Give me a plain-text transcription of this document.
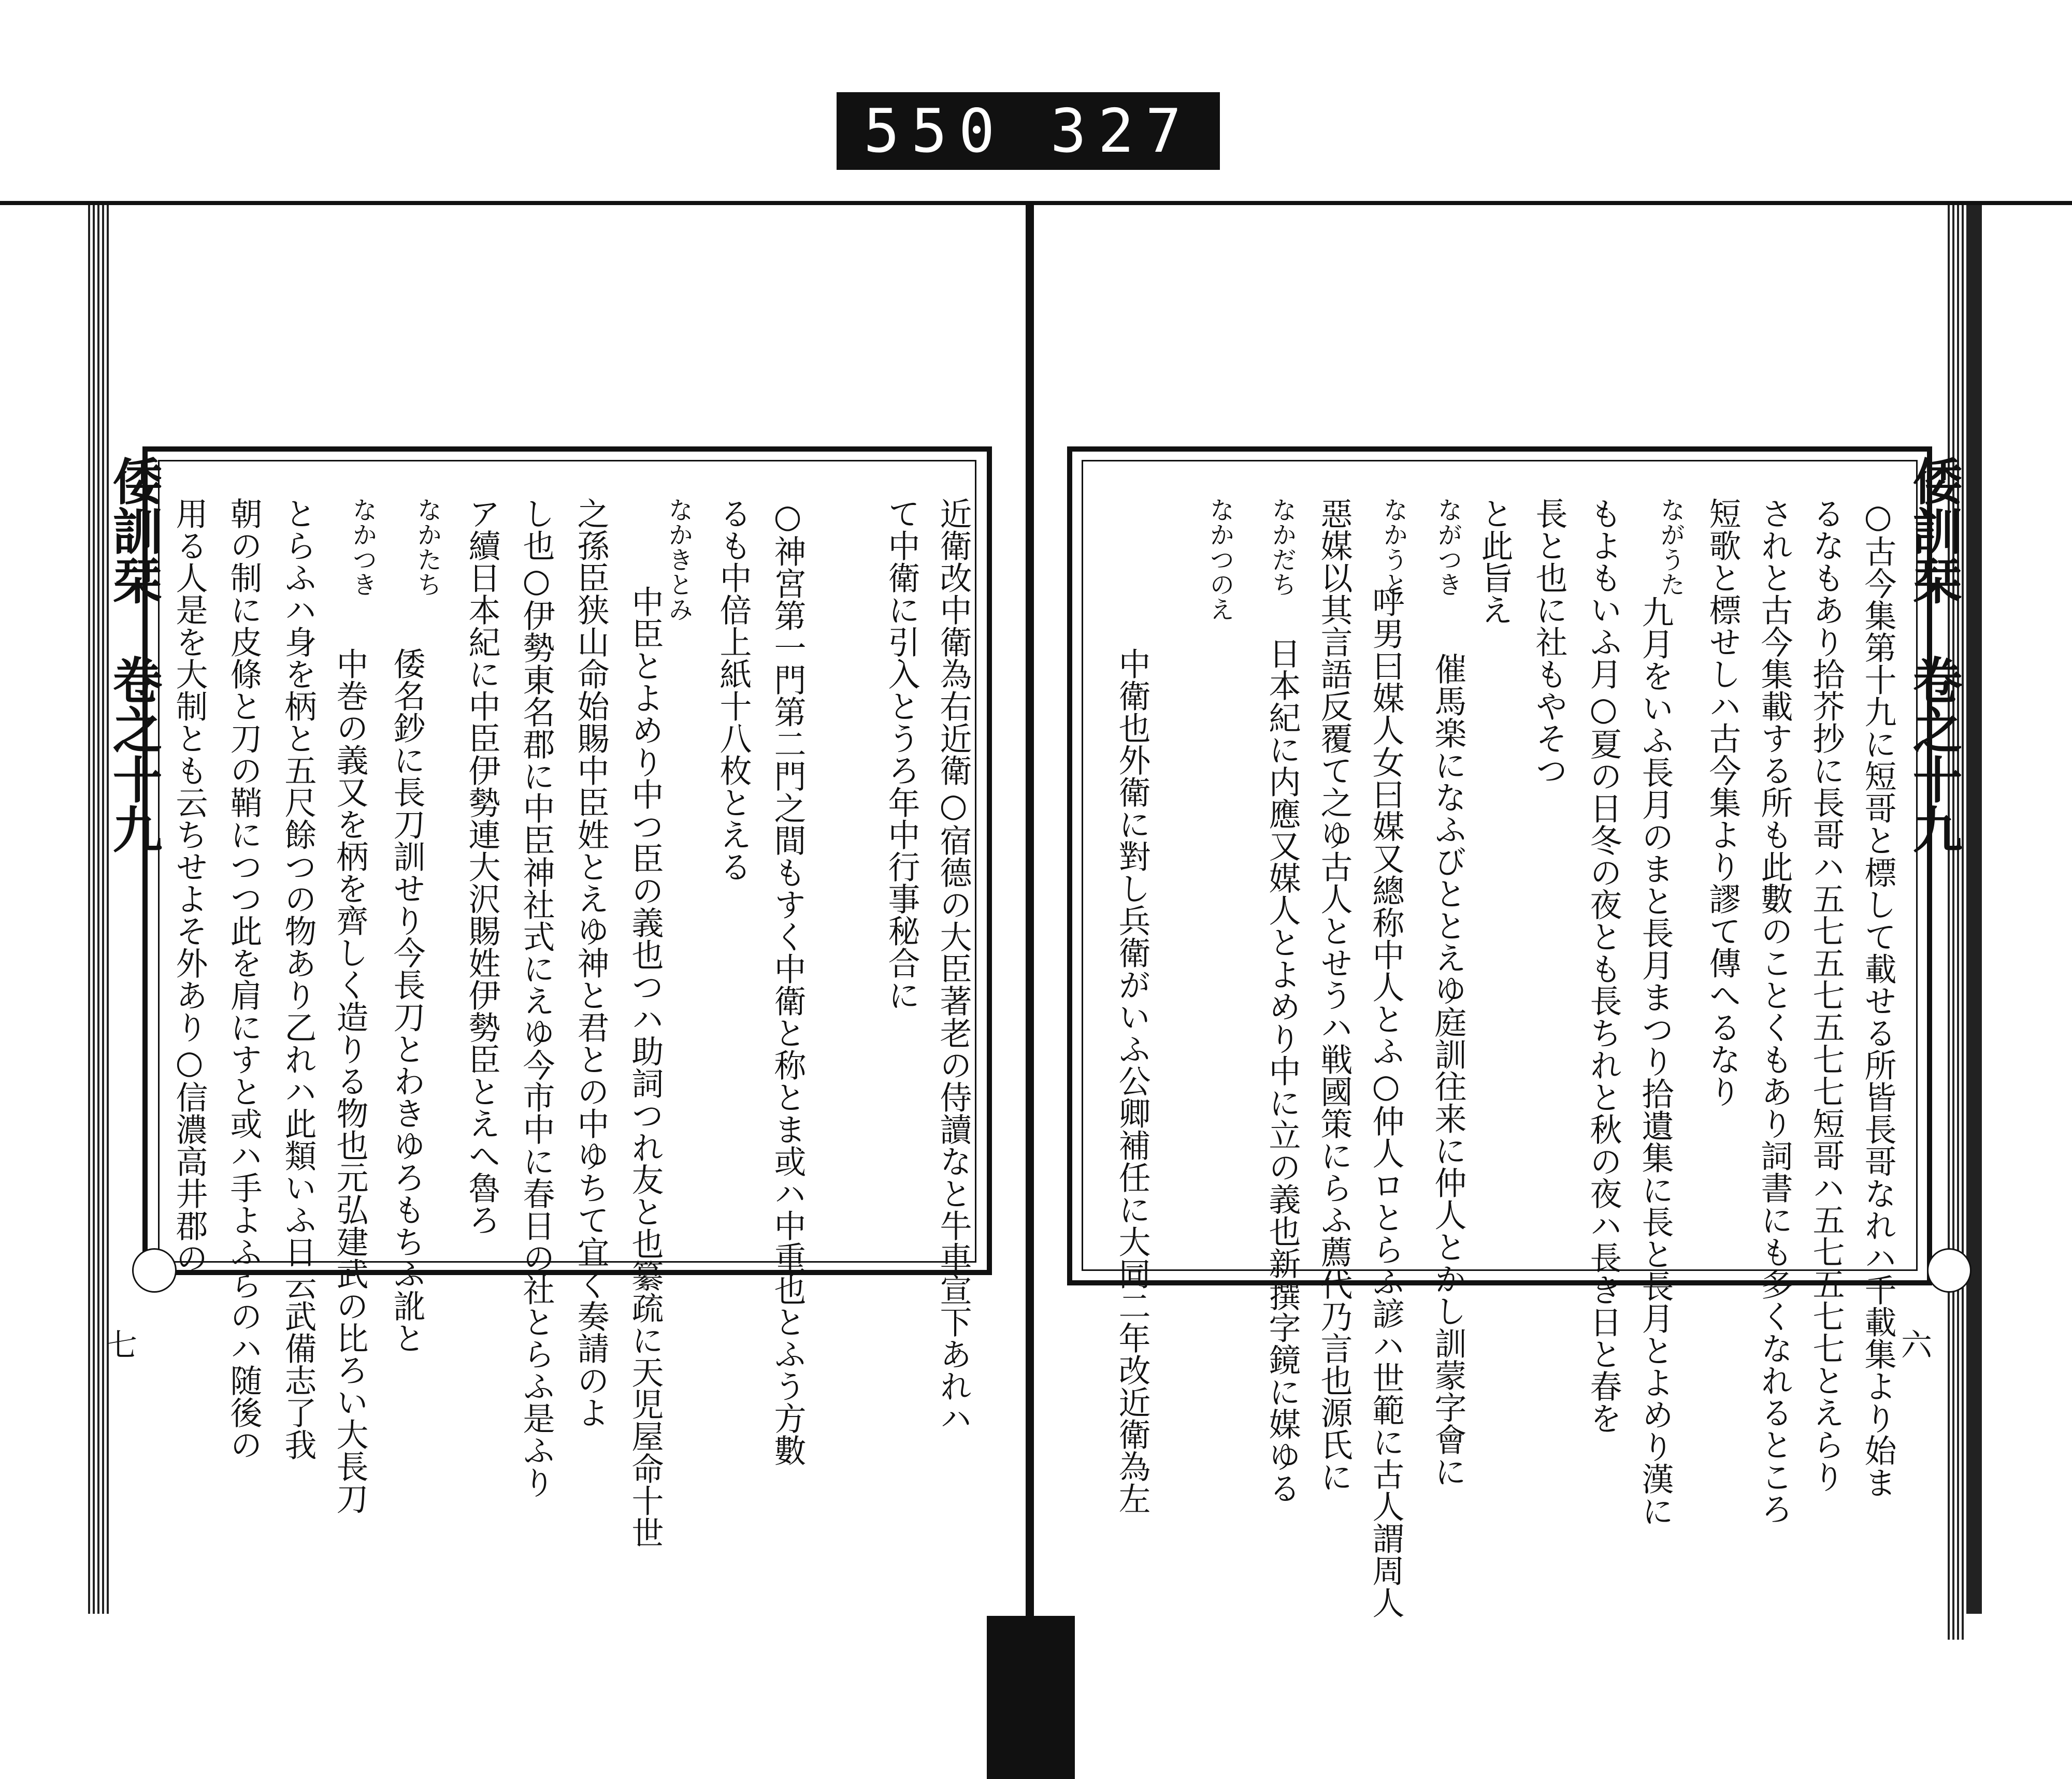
550 327
倭訓栞　卷之十九
七	近衛改中衛為右近衛○宿德の大臣著老の侍讀なと牛車宣下あれハ
て中衛に引入とうろ年中行事秘合に
○神宮第一門第二門之間もすく中衛と称とま或ハ中重也とふう方數
るも中倍上紙十八枚とえる
なかきとみ
中臣とよめり中つ臣の義也つハ助詞つれ友と也纂疏に天児屋命十世
之孫臣狭山命始賜中臣姓とえゆ神と君との中ゆちて宜く奏請のよ
し也○伊勢東名郡に中臣神社式にえゆ今市中に春日の社とらふ是ふり
ア續日本紀に中臣伊勢連大沢賜姓伊勢臣とえへ魯ろ
なかたち
倭名鈔に長刀訓せり今長刀とわきゆろもちふ訛と
なかつき
中巻の義又を柄を齊しく造りる物也元弘建武の比ろい大長刀
とらふハ身を柄と五尺餘つの物あり乙れハ此類いふ日云武備志了我
朝の制に皮條と刀の鞘につつ此を肩にすと或ハ手よふらのハ随後の
用る人是を大制とも云ちせよそ外あり○信濃高井郡の	倭訓栞　卷之十九
六
○古今集第十九に短哥と標して載せる所皆長哥なれハ千載集より始ま
るなもあり拾芥抄に長哥ハ五七五七五七七短哥ハ五七五七七とえらり
されと古今集載する所も此數のことくもあり詞書にも多くなれるところ
短歌と標せしハ古今集より謬て傳へるなり
ながうた
九月をいふ長月のまと長月まつり拾遺集に長と長月とよめり漢に
もよもいふ月○夏の日冬の夜とも長ちれと秋の夜ハ長き日と春を
長と也に社もやそつ
と此旨え
ながつき
催馬楽になふびととえゆ庭訓往来に仲人とかし訓蒙字會に
なかうと
呼男曰媒人女曰媒又總称中人とふ○仲人ロとらふ諺ハ世範に古人謂周人
惡媒以其言語反覆て之ゆ古人とせうハ戦國策にらふ薦代乃言也源氏に
なかだち
日本紀に内應又媒人とよめり中に立の義也新撰字鏡に媒ゆる
なかつのえ
中衛也外衛に對し兵衛がいふ公卿補任に大同二年改近衛為左
